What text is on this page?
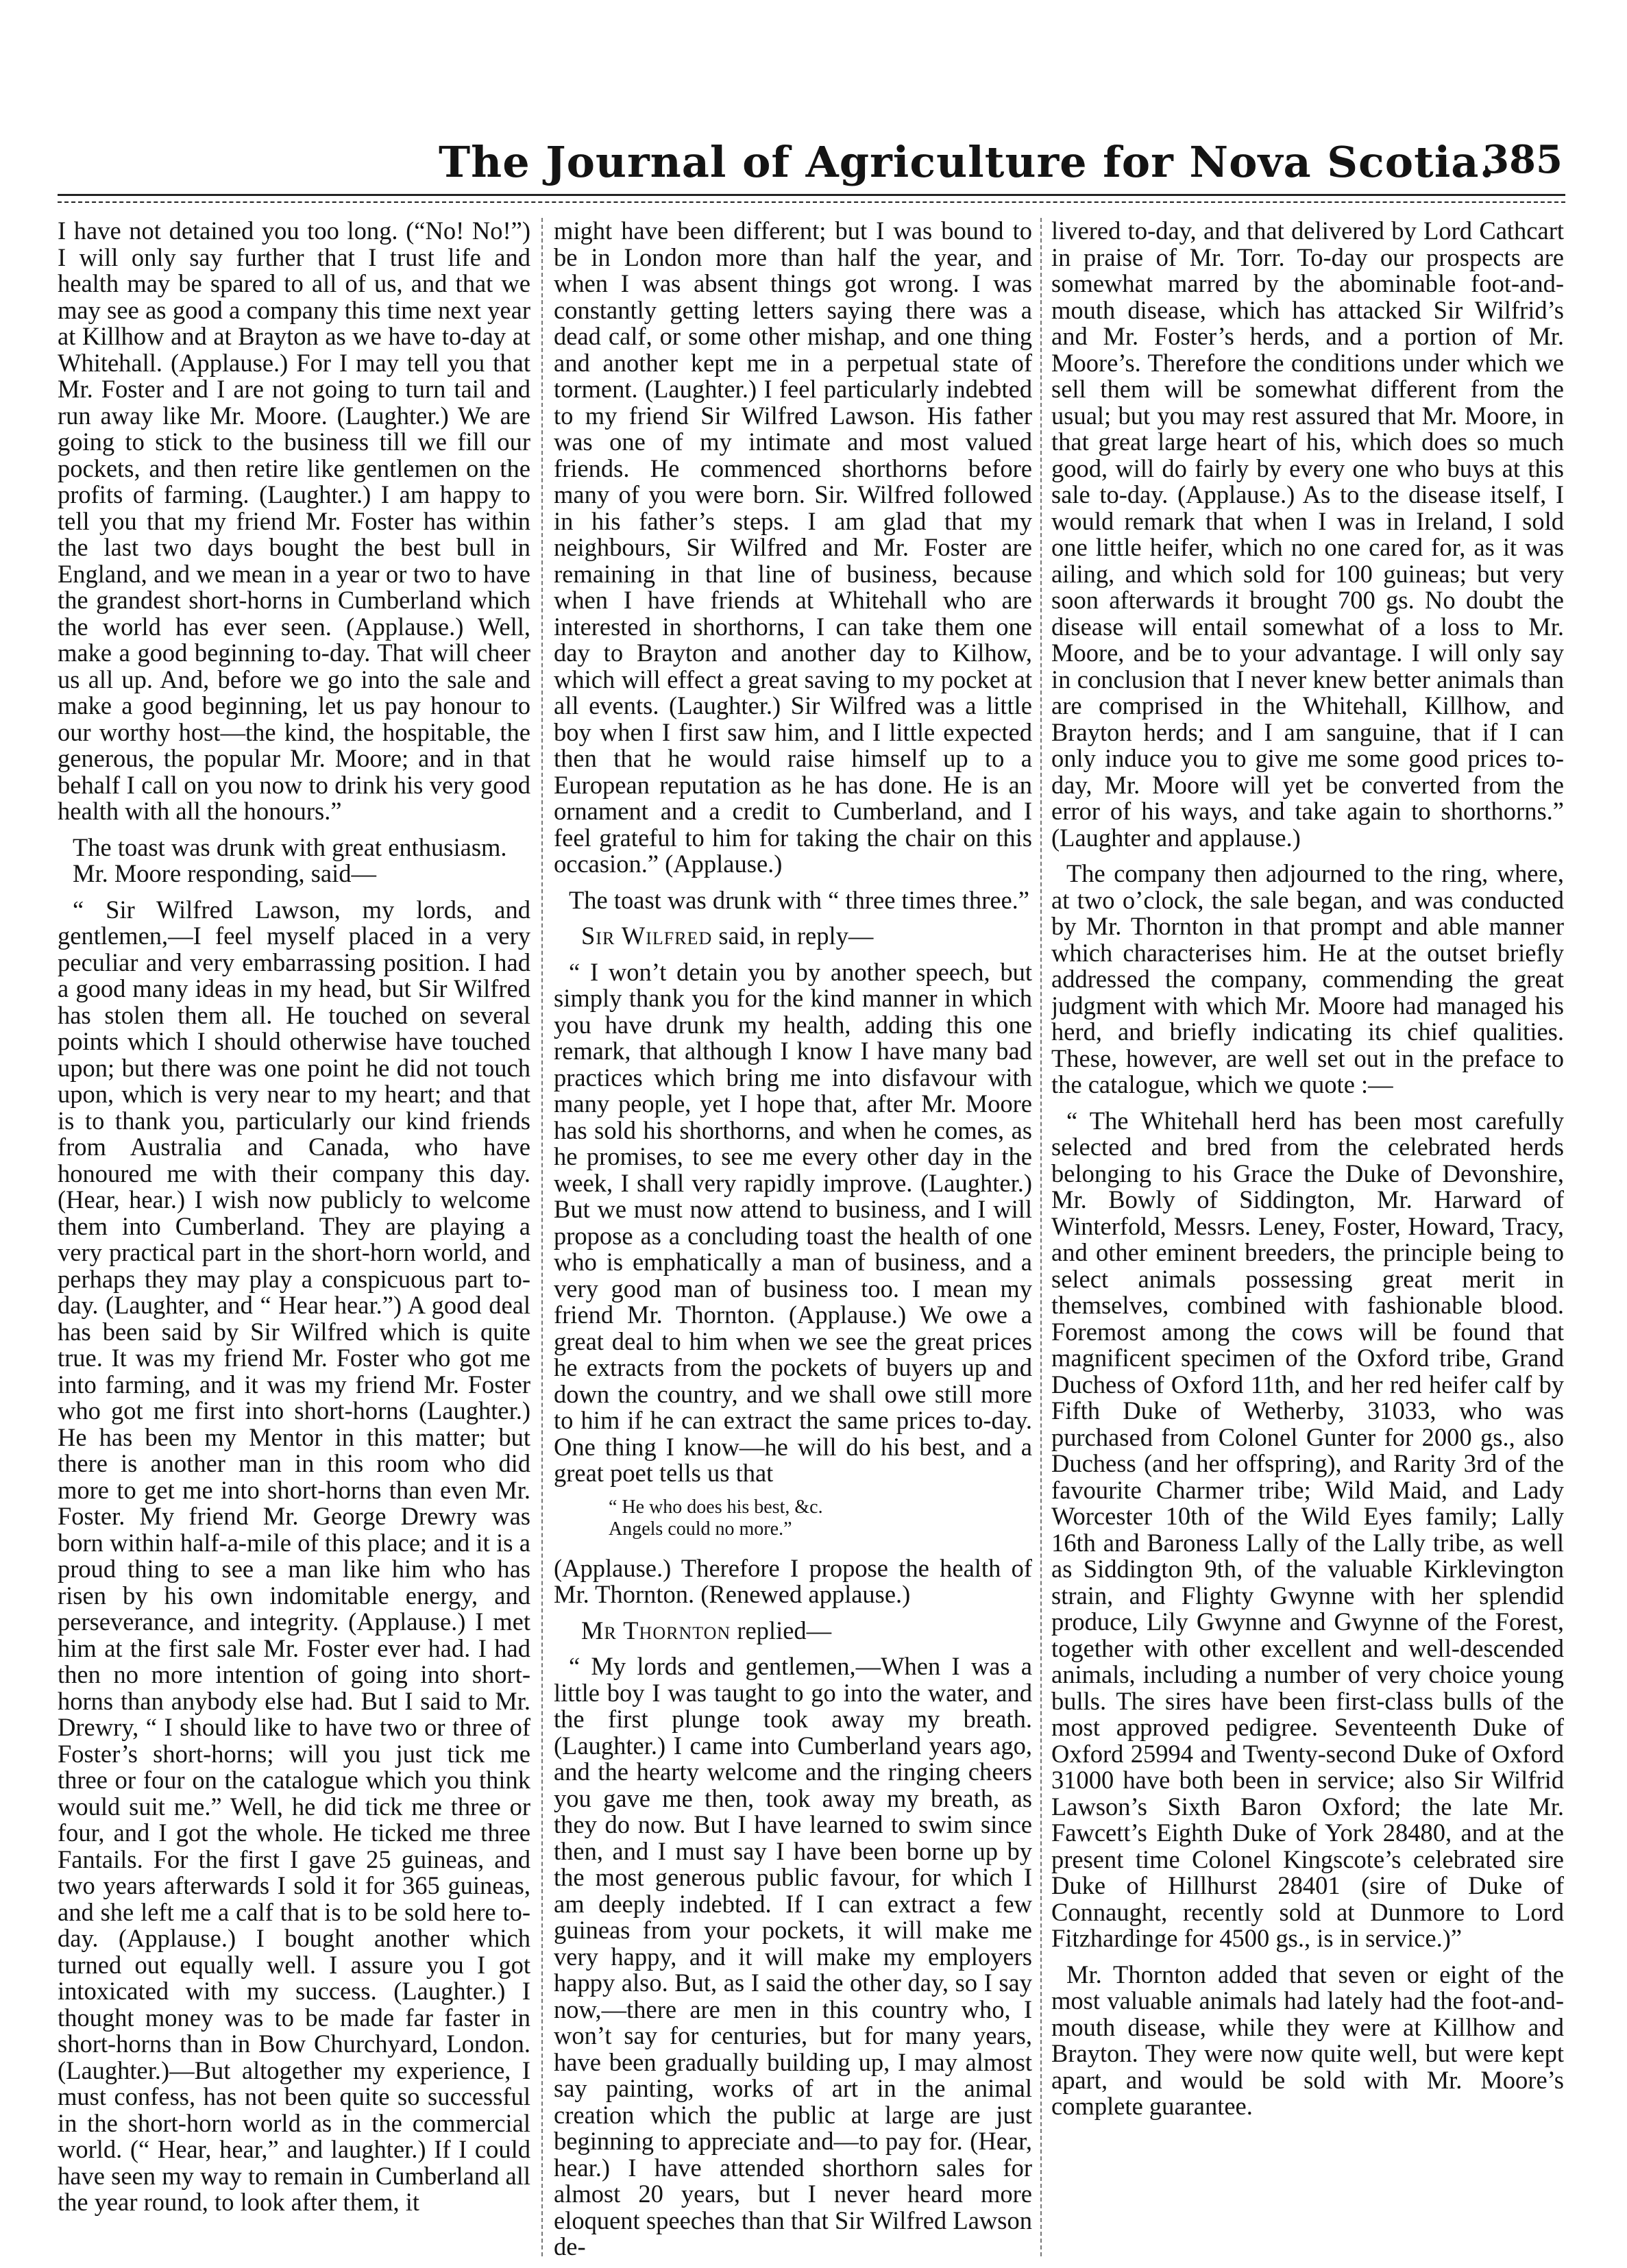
The Journal of Agriculture for Nova Scotia.
385

I have not detained you too long. (“No! No!”) I will only say further that I trust life and health may be spared to all of us, and that we may see as good a company this time next year at Killhow and at Brayton as we have to-day at Whitehall. (Applause.) For I may tell you that Mr. Foster and I are not going to turn tail and run away like Mr. Moore. (Laughter.) We are going to stick to the business till we fill our pockets, and then retire like gentlemen on the profits of farming. (Laughter.) I am happy to tell you that my friend Mr. Foster has within the last two days bought the best bull in England, and we mean in a year or two to have the grandest short-horns in Cumberland which the world has ever seen. (Applause.) Well, make a good beginning to-day. That will cheer us all up. And, before we go into the sale and make a good beginning, let us pay honour to our worthy host—the kind, the hospitable, the generous, the popular Mr. Moore; and in that behalf I call on you now to drink his very good health with all the honours.”

The toast was drunk with great enthusiasm.

Mr. Moore responding, said—

“ Sir Wilfred Lawson, my lords, and gentlemen,—I feel myself placed in a very peculiar and very embarrassing position. I had a good many ideas in my head, but Sir Wilfred has stolen them all. He touched on several points which I should otherwise have touched upon; but there was one point he did not touch upon, which is very near to my heart; and that is to thank you, particularly our kind friends from Australia and Canada, who have honoured me with their company this day. (Hear, hear.) I wish now publicly to welcome them into Cumberland. They are playing a very practical part in the short-horn world, and perhaps they may play a conspicuous part to-day. (Laughter, and “ Hear hear.”) A good deal has been said by Sir Wilfred which is quite true. It was my friend Mr. Foster who got me into farming, and it was my friend Mr. Foster who got me first into short-horns (Laughter.) He has been my Mentor in this matter; but there is another man in this room who did more to get me into short-horns than even Mr. Foster. My friend Mr. George Drewry was born within half-a-mile of this place; and it is a proud thing to see a man like him who has risen by his own indomitable energy, and perseverance, and integrity. (Applause.) I met him at the first sale Mr. Foster ever had. I had then no more intention of going into short-horns than anybody else had. But I said to Mr. Drewry, “ I should like to have two or three of Foster’s short-horns; will you just tick me three or four on the catalogue which you think would suit me.” Well, he did tick me three or four, and I got the whole. He ticked me three Fantails. For the first I gave 25 guineas, and two years afterwards I sold it for 365 guineas, and she left me a calf that is to be sold here to-day. (Applause.) I bought another which turned out equally well. I assure you I got intoxicated with my success. (Laughter.) I thought money was to be made far faster in short-horns than in Bow Churchyard, London. (Laughter.)—But altogether my experience, I must confess, has not been quite so successful in the short-horn world as in the commercial world. (“ Hear, hear,” and laughter.) If I could have seen my way to remain in Cumberland all the year round, to look after them, it

might have been different; but I was bound to be in London more than half the year, and when I was absent things got wrong. I was constantly getting letters saying there was a dead calf, or some other mishap, and one thing and another kept me in a perpetual state of torment. (Laughter.) I feel particularly indebted to my friend Sir Wilfred Lawson. His father was one of my intimate and most valued friends. He commenced shorthorns before many of you were born. Sir. Wilfred followed in his father’s steps. I am glad that my neighbours, Sir Wilfred and Mr. Foster are remaining in that line of business, because when I have friends at Whitehall who are interested in shorthorns, I can take them one day to Brayton and another day to Kilhow, which will effect a great saving to my pocket at all events. (Laughter.) Sir Wilfred was a little boy when I first saw him, and I little expected then that he would raise himself up to a European reputation as he has done. He is an ornament and a credit to Cumberland, and I feel grateful to him for taking the chair on this occasion.” (Applause.)

The toast was drunk with “ three times three.”

Sir Wilfred said, in reply—

“ I won’t detain you by another speech, but simply thank you for the kind manner in which you have drunk my health, adding this one remark, that although I know I have many bad practices which bring me into disfavour with many people, yet I hope that, after Mr. Moore has sold his shorthorns, and when he comes, as he promises, to see me every other day in the week, I shall very rapidly improve. (Laughter.) But we must now attend to business, and I will propose as a concluding toast the health of one who is emphatically a man of business, and a very good man of business too. I mean my friend Mr. Thornton. (Applause.) We owe a great deal to him when we see the great prices he extracts from the pockets of buyers up and down the country, and we shall owe still more to him if he can extract the same prices to-day. One thing I know—he will do his best, and a great poet tells us that

“ He who does his best, &c.
Angels could no more.”

(Applause.) Therefore I propose the health of Mr. Thornton. (Renewed applause.)

Mr Thornton replied—

“ My lords and gentlemen,—When I was a little boy I was taught to go into the water, and the first plunge took away my breath. (Laughter.) I came into Cumberland years ago, and the hearty welcome and the ringing cheers you gave me then, took away my breath, as they do now. But I have learned to swim since then, and I must say I have been borne up by the most generous public favour, for which I am deeply indebted. If I can extract a few guineas from your pockets, it will make me very happy, and it will make my employers happy also. But, as I said the other day, so I say now,—there are men in this country who, I won’t say for centuries, but for many years, have been gradually building up, I may almost say painting, works of art in the animal creation which the public at large are just beginning to appreciate and—to pay for. (Hear, hear.) I have attended shorthorn sales for almost 20 years, but I never heard more eloquent speeches than that Sir Wilfred Lawson de-

livered to-day, and that delivered by Lord Cathcart in praise of Mr. Torr. To-day our prospects are somewhat marred by the abominable foot-and-mouth disease, which has attacked Sir Wilfrid’s and Mr. Foster’s herds, and a portion of Mr. Moore’s. Therefore the conditions under which we sell them will be somewhat different from the usual; but you may rest assured that Mr. Moore, in that great large heart of his, which does so much good, will do fairly by every one who buys at this sale to-day. (Applause.) As to the disease itself, I would remark that when I was in Ireland, I sold one little heifer, which no one cared for, as it was ailing, and which sold for 100 guineas; but very soon afterwards it brought 700 gs. No doubt the disease will entail somewhat of a loss to Mr. Moore, and be to your advantage. I will only say in conclusion that I never knew better animals than are comprised in the Whitehall, Killhow, and Brayton herds; and I am sanguine, that if I can only induce you to give me some good prices to-day, Mr. Moore will yet be converted from the error of his ways, and take again to shorthorns.” (Laughter and applause.)

The company then adjourned to the ring, where, at two o’clock, the sale began, and was conducted by Mr. Thornton in that prompt and able manner which characterises him. He at the outset briefly addressed the company, commending the great judgment with which Mr. Moore had managed his herd, and briefly indicating its chief qualities. These, however, are well set out in the preface to the catalogue, which we quote :—

“ The Whitehall herd has been most carefully selected and bred from the celebrated herds belonging to his Grace the Duke of Devonshire, Mr. Bowly of Siddington, Mr. Harward of Winterfold, Messrs. Leney, Foster, Howard, Tracy, and other eminent breeders, the principle being to select animals possessing great merit in themselves, combined with fashionable blood. Foremost among the cows will be found that magnificent specimen of the Oxford tribe, Grand Duchess of Oxford 11th, and her red heifer calf by Fifth Duke of Wetherby, 31033, who was purchased from Colonel Gunter for 2000 gs., also Duchess (and her offspring), and Rarity 3rd of the favourite Charmer tribe; Wild Maid, and Lady Worcester 10th of the Wild Eyes family; Lally 16th and Baroness Lally of the Lally tribe, as well as Siddington 9th, of the valuable Kirklevington strain, and Flighty Gwynne with her splendid produce, Lily Gwynne and Gwynne of the Forest, together with other excellent and well-descended animals, including a number of very choice young bulls. The sires have been first-class bulls of the most approved pedigree. Seventeenth Duke of Oxford 25994 and Twenty-second Duke of Oxford 31000 have both been in service; also Sir Wilfrid Lawson’s Sixth Baron Oxford; the late Mr. Fawcett’s Eighth Duke of York 28480, and at the present time Colonel Kingscote’s celebrated sire Duke of Hillhurst 28401 (sire of Duke of Connaught, recently sold at Dunmore to Lord Fitzhardinge for 4500 gs., is in service.)”

Mr. Thornton added that seven or eight of the most valuable animals had lately had the foot-and-mouth disease, while they were at Killhow and Brayton. They were now quite well, but were kept apart, and would be sold with Mr. Moore’s complete guarantee.
